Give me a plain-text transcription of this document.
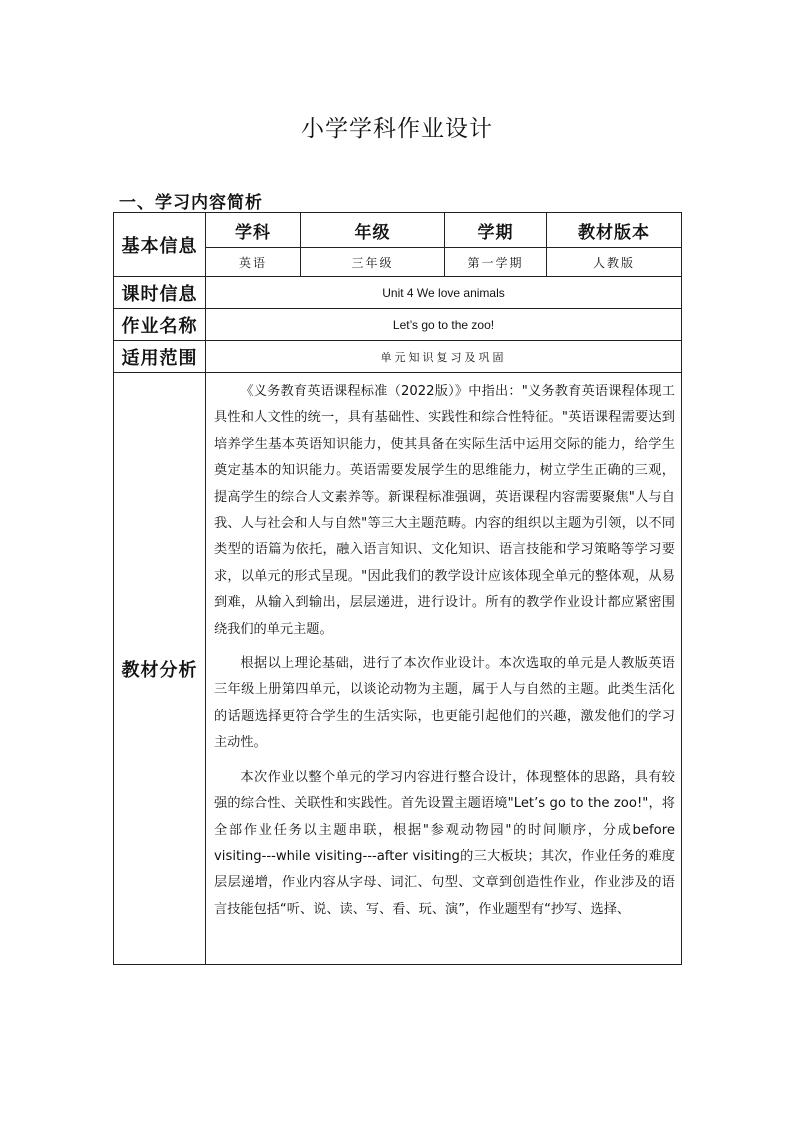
小学学科作业设计
一、学习内容简析
基本信息	学科	年级	学期	教材版本
	英语	三年级	第一学期	人教版
课时信息	Unit 4 We love animals			
作业名称	Let’s go to the zoo!			
适用范围	单元知识复习及巩固			
教材分析	《义务教育英语课程标准（2022版）》中指出："义务教育英语课程体现工具性和人文性的统一，具有基础性、实践性和综合性特征。"英语课程需要达到培养学生基本英语知识能力，使其具备在实际生活中运用交际的能力，给学生奠定基本的知识能力。英语需要发展学生的思维能力，树立学生正确的三观，提高学生的综合人文素养等。新课程标准强调，英语课程内容需要聚焦"人与自我、人与社会和人与自然"等三大主题范畴。内容的组织以主题为引领，以不同类型的语篇为依托，融入语言知识、文化知识、语言技能和学习策略等学习要求，以单元的形式呈现。"因此我们的教学设计应该体现全单元的整体观，从易到难，从输入到输出，层层递进，进行设计。所有的教学作业设计都应紧密围绕我们的单元主题。

根据以上理论基础，进行了本次作业设计。本次选取的单元是人教版英语三年级上册第四单元，以谈论动物为主题，属于人与自然的主题。此类生活化的话题选择更符合学生的生活实际，也更能引起他们的兴趣，激发他们的学习主动性。

本次作业以整个单元的学习内容进行整合设计，体现整体的思路，具有较强的综合性、关联性和实践性。首先设置主题语境"Let’s go to the zoo!"，将全部作业任务以主题串联，根据"参观动物园"的时间顺序，分成before visiting---while visiting---after visiting的三大板块；其次，作业任务的难度层层递增，作业内容从字母、词汇、句型、文章到创造性作业，作业涉及的语言技能包括“听、说、读、写、看、玩、演”，作业题型有“抄写、选择、			
